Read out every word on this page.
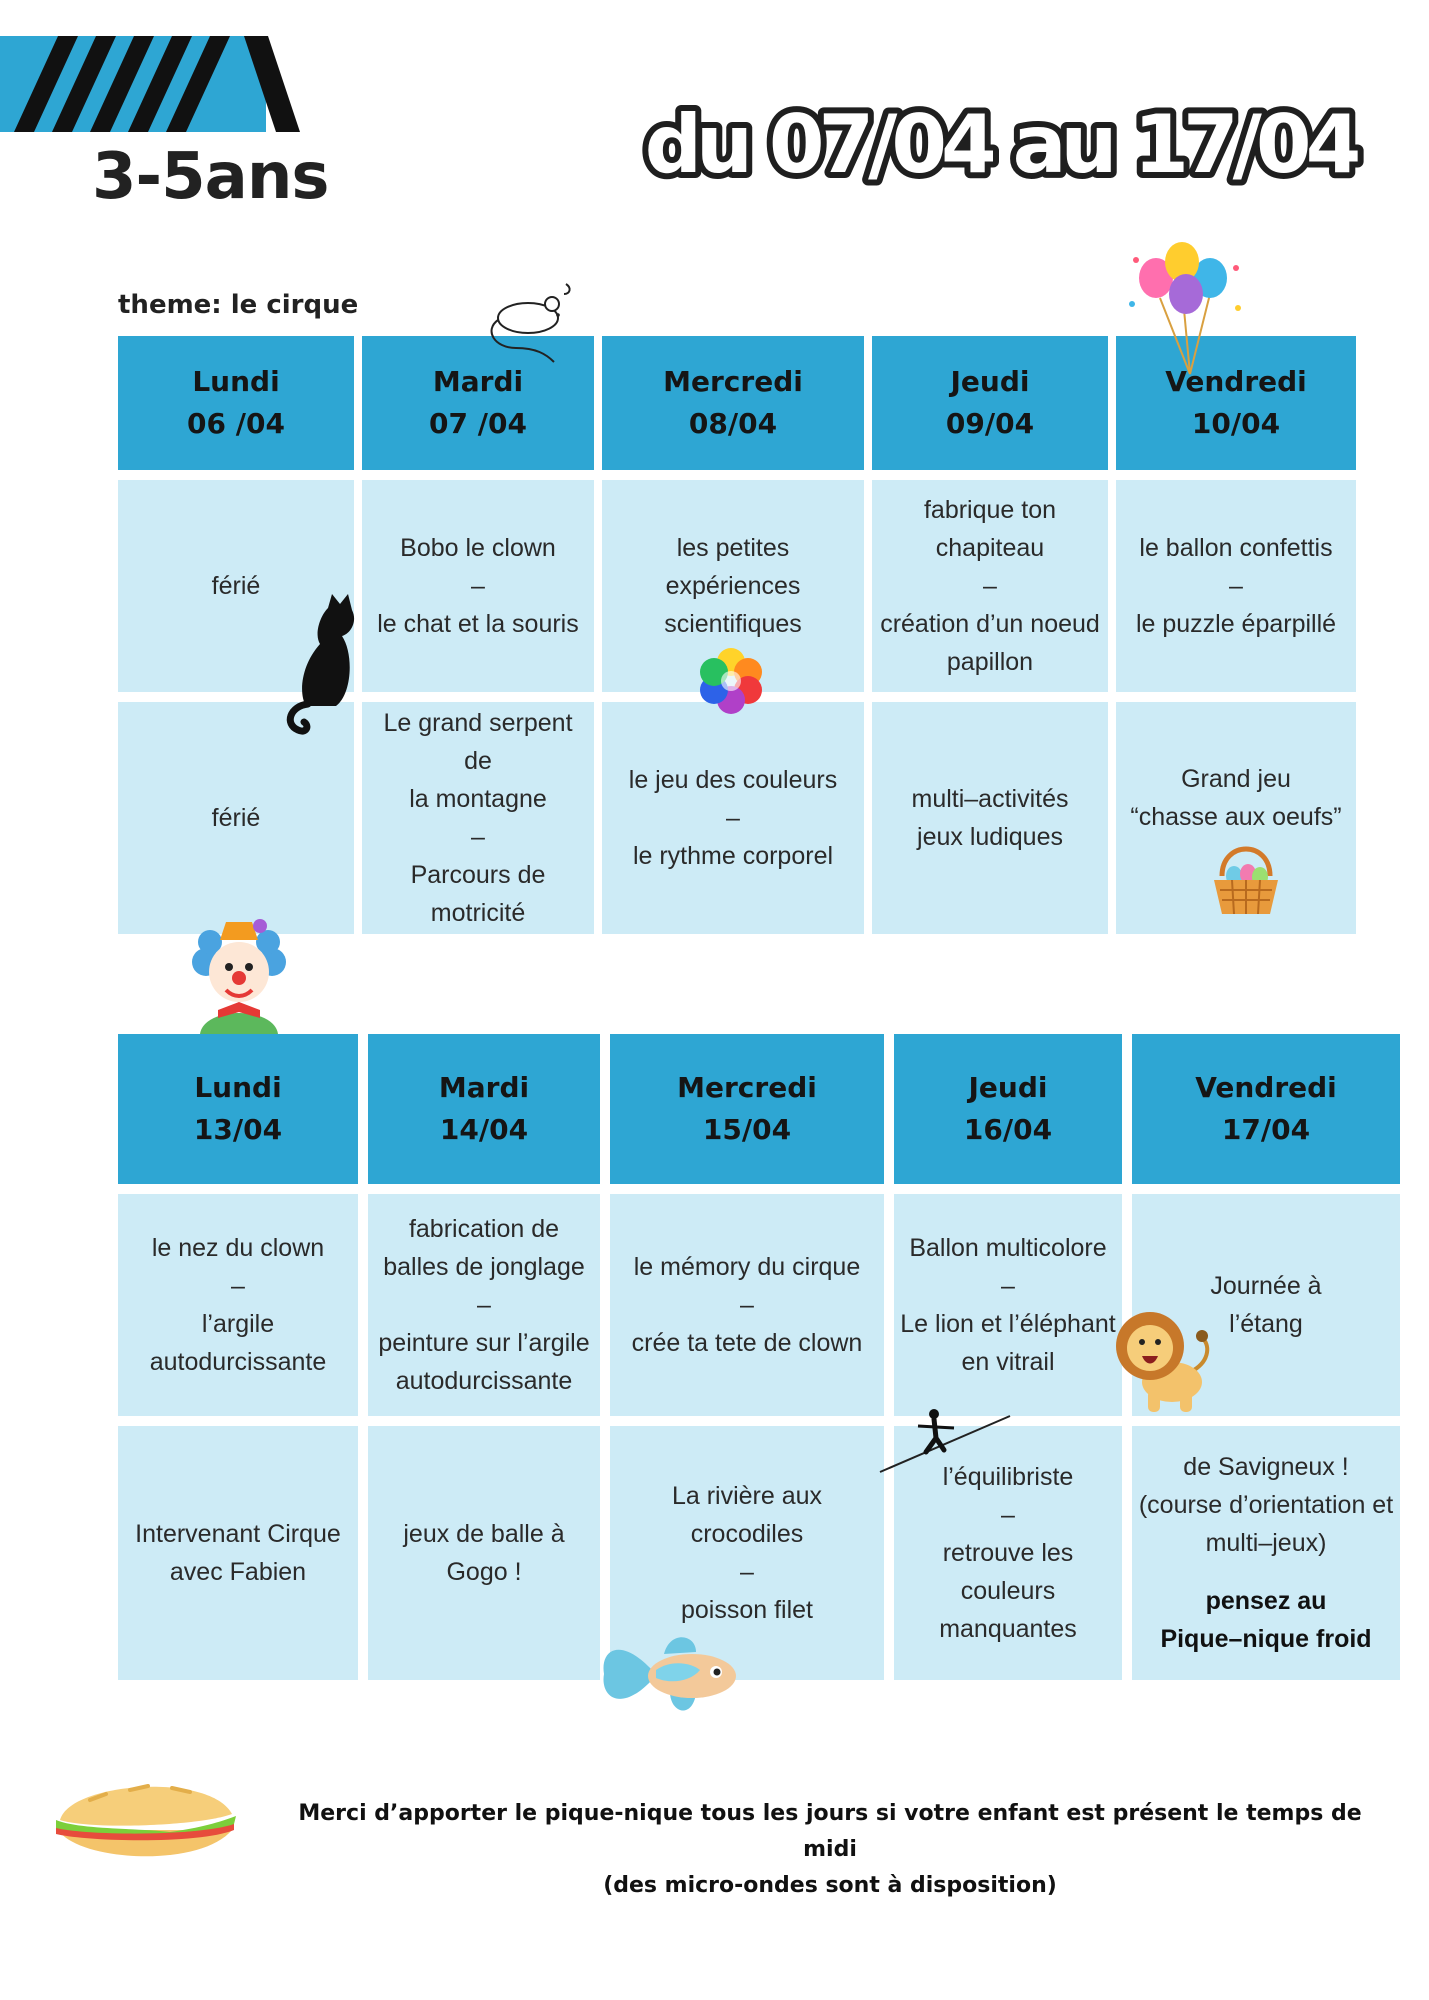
3-5ans	du 07/04 au 17/04
theme: le cirque
Lundi
06 /04
Mardi
07 /04
Mercredi
08/04
Jeudi
09/04
Vendredi
10/04
férié
Bobo le clown
–
le chat et la souris
les petites expériences
scientifiques
fabrique ton
chapiteau
–
création d’un noeud
papillon
le ballon confettis
–
le puzzle éparpillé
férié
Le grand serpent de
la montagne
–
Parcours de
motricité
le jeu des couleurs
–
le rythme corporel
multi–activités
jeux ludiques
Grand jeu
“chasse aux oeufs”
Lundi
13/04
Mardi
14/04
Mercredi
15/04
Jeudi
16/04
Vendredi
17/04
le nez du clown
–
l’argile
autodurcissante
fabrication de
balles de jonglage
–
peinture sur l’argile
autodurcissante
le mémory du cirque
–
crée ta tete de clown
Ballon multicolore
–
Le lion et l’éléphant
en vitrail
Journée à
l’étang
Intervenant Cirque
avec Fabien
jeux de balle à
Gogo !
La rivière aux crocodiles
–
poisson filet
l’équilibriste
–
retrouve les
couleurs
manquantes
de Savigneux !
(course d’orientation et
multi–jeux)
pensez au
Pique–nique froid
Merci d’apporter le pique-nique tous les jours si votre enfant est présent le temps de midi
(des micro-ondes sont à disposition)
